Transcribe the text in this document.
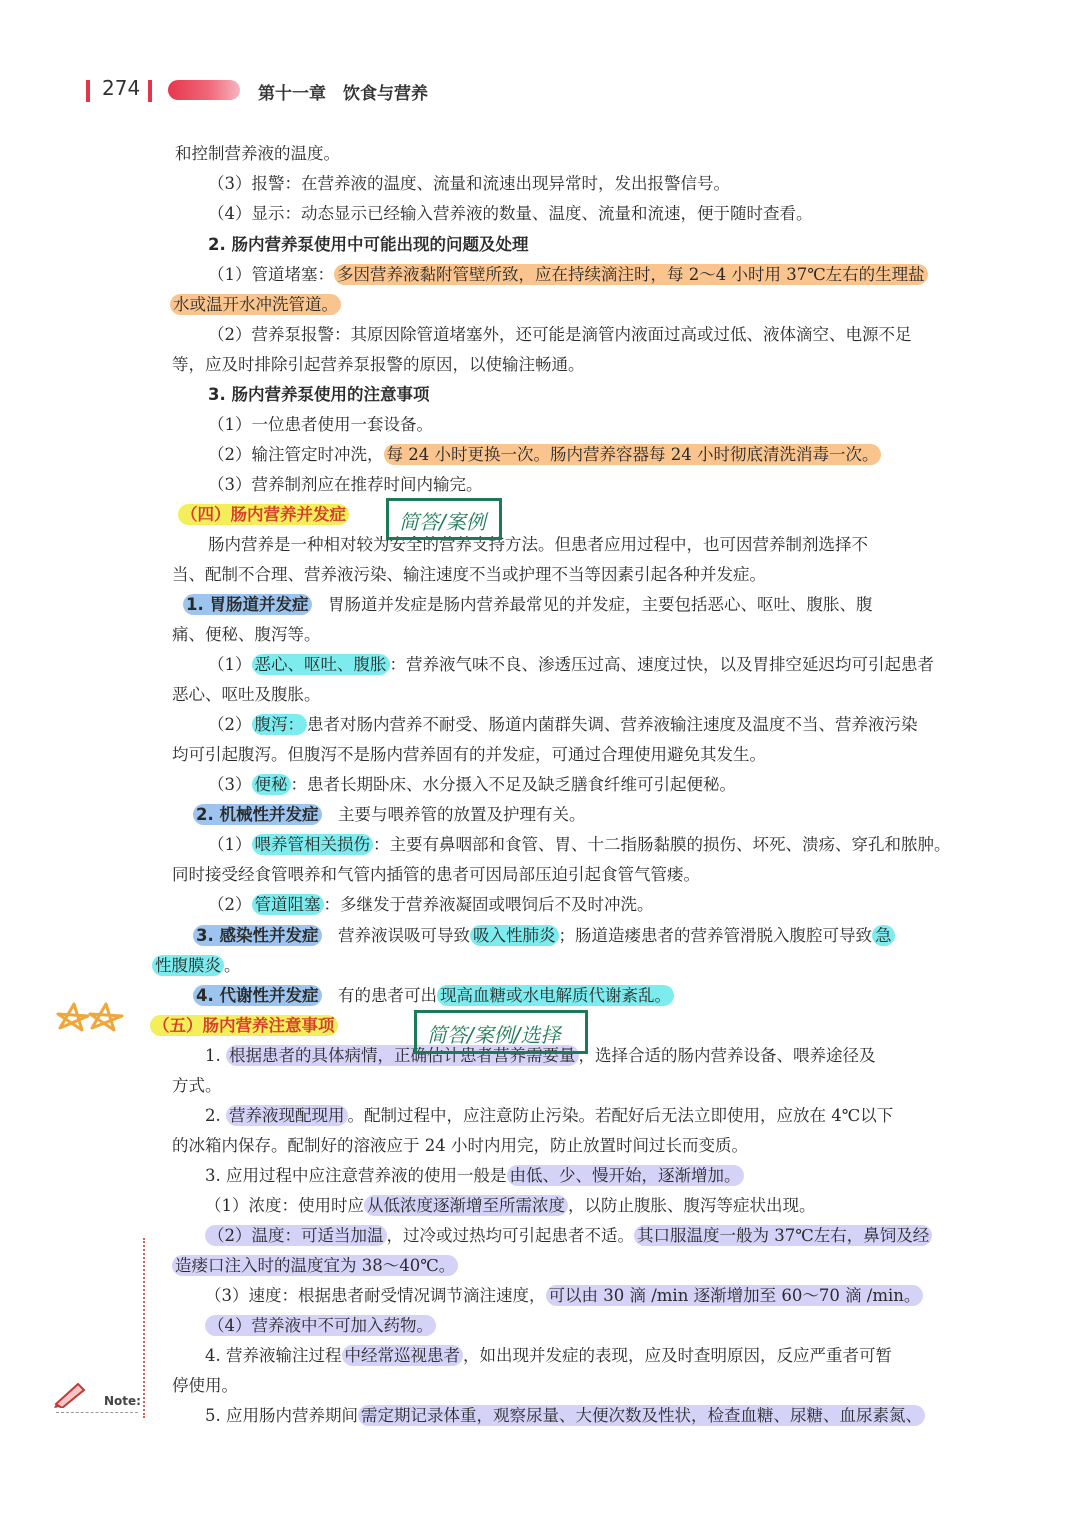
274	第十一章　饮食与营养
和控制营养液的温度。
（3）报警：在营养液的温度、流量和流速出现异常时，发出报警信号。
（4）显示：动态显示已经输入营养液的数量、温度、流量和流速，便于随时查看。
2. 肠内营养泵使用中可能出现的问题及处理
（1）管道堵塞： 多因营养液黏附管壁所致，应在持续滴注时，每 2～4 小时用 37℃左右的生理盐
水或温开水冲洗管道。
（2）营养泵报警：其原因除管道堵塞外，还可能是滴管内液面过高或过低、液体滴空、电源不足
等，应及时排除引起营养泵报警的原因，以使输注畅通。
3. 肠内营养泵使用的注意事项
（1）一位患者使用一套设备。
（2）输注管定时冲洗， 每 24 小时更换一次。肠内营养容器每 24 小时彻底清洗消毒一次。
（3）营养制剂应在推荐时间内输完。
（四）肠内营养并发症
肠内营养是一种相对较为安全的营养支持方法。但患者应用过程中，也可因营养制剂选择不
当、配制不合理、营养液污染、输注速度不当或护理不当等因素引起各种并发症。
1. 胃肠道并发症　胃肠道并发症是肠内营养最常见的并发症，主要包括恶心、呕吐、腹胀、腹
痛、便秘、腹泻等。
（1） 恶心、呕吐、腹胀 ：营养液气味不良、渗透压过高、速度过快，以及胃排空延迟均可引起患者
恶心、呕吐及腹胀。
（2） 腹泻： 患者对肠内营养不耐受、肠道内菌群失调、营养液输注速度及温度不当、营养液污染
均可引起腹泻。但腹泻不是肠内营养固有的并发症，可通过合理使用避免其发生。
（3） 便秘 ：患者长期卧床、水分摄入不足及缺乏膳食纤维可引起便秘。
2. 机械性并发症　主要与喂养管的放置及护理有关。
（1） 喂养管相关损伤 ：主要有鼻咽部和食管、胃、十二指肠黏膜的损伤、坏死、溃疡、穿孔和脓肿。
同时接受经食管喂养和气管内插管的患者可因局部压迫引起食管气管瘘。
（2） 管道阻塞 ：多继发于营养液凝固或喂饲后不及时冲洗。
3. 感染性并发症　营养液误吸可导致 吸入性肺炎 ；肠道造瘘患者的营养管滑脱入腹腔可导致 急
性腹膜炎 。
4. 代谢性并发症　有的患者可出 现高血糖或水电解质代谢紊乱。
（五）肠内营养注意事项
1. 根据患者的具体病情，正确估计患者营养需要量 ，选择合适的肠内营养设备、喂养途径及
方式。
2. 营养液现配现用 。配制过程中，应注意防止污染。若配好后无法立即使用，应放在 4℃以下
的冰箱内保存。配制好的溶液应于 24 小时内用完，防止放置时间过长而变质。
3. 应用过程中应注意营养液的使用一般是 由低、少、慢开始，逐渐增加。
（1）浓度：使用时应 从低浓度逐渐增至所需浓度 ，以防止腹胀、腹泻等症状出现。
（2）温度：可适当加温 ，过冷或过热均可引起患者不适。 其口服温度一般为 37℃左右，鼻饲及经
造瘘口注入时的温度宜为 38～40℃。
（3）速度：根据患者耐受情况调节滴注速度， 可以由 30 滴 /min 逐渐增加至 60～70 滴 /min。
（4）营养液中不可加入药物。
4. 营养液输注过程 中经常巡视患者 ，如出现并发症的表现，应及时查明原因，反应严重者可暂
停使用。
5. 应用肠内营养期间 需定期记录体重，观察尿量、大便次数及性状，检查血糖、尿糖、血尿素氮、
简答/案例
简答/案例/选择
Note:
